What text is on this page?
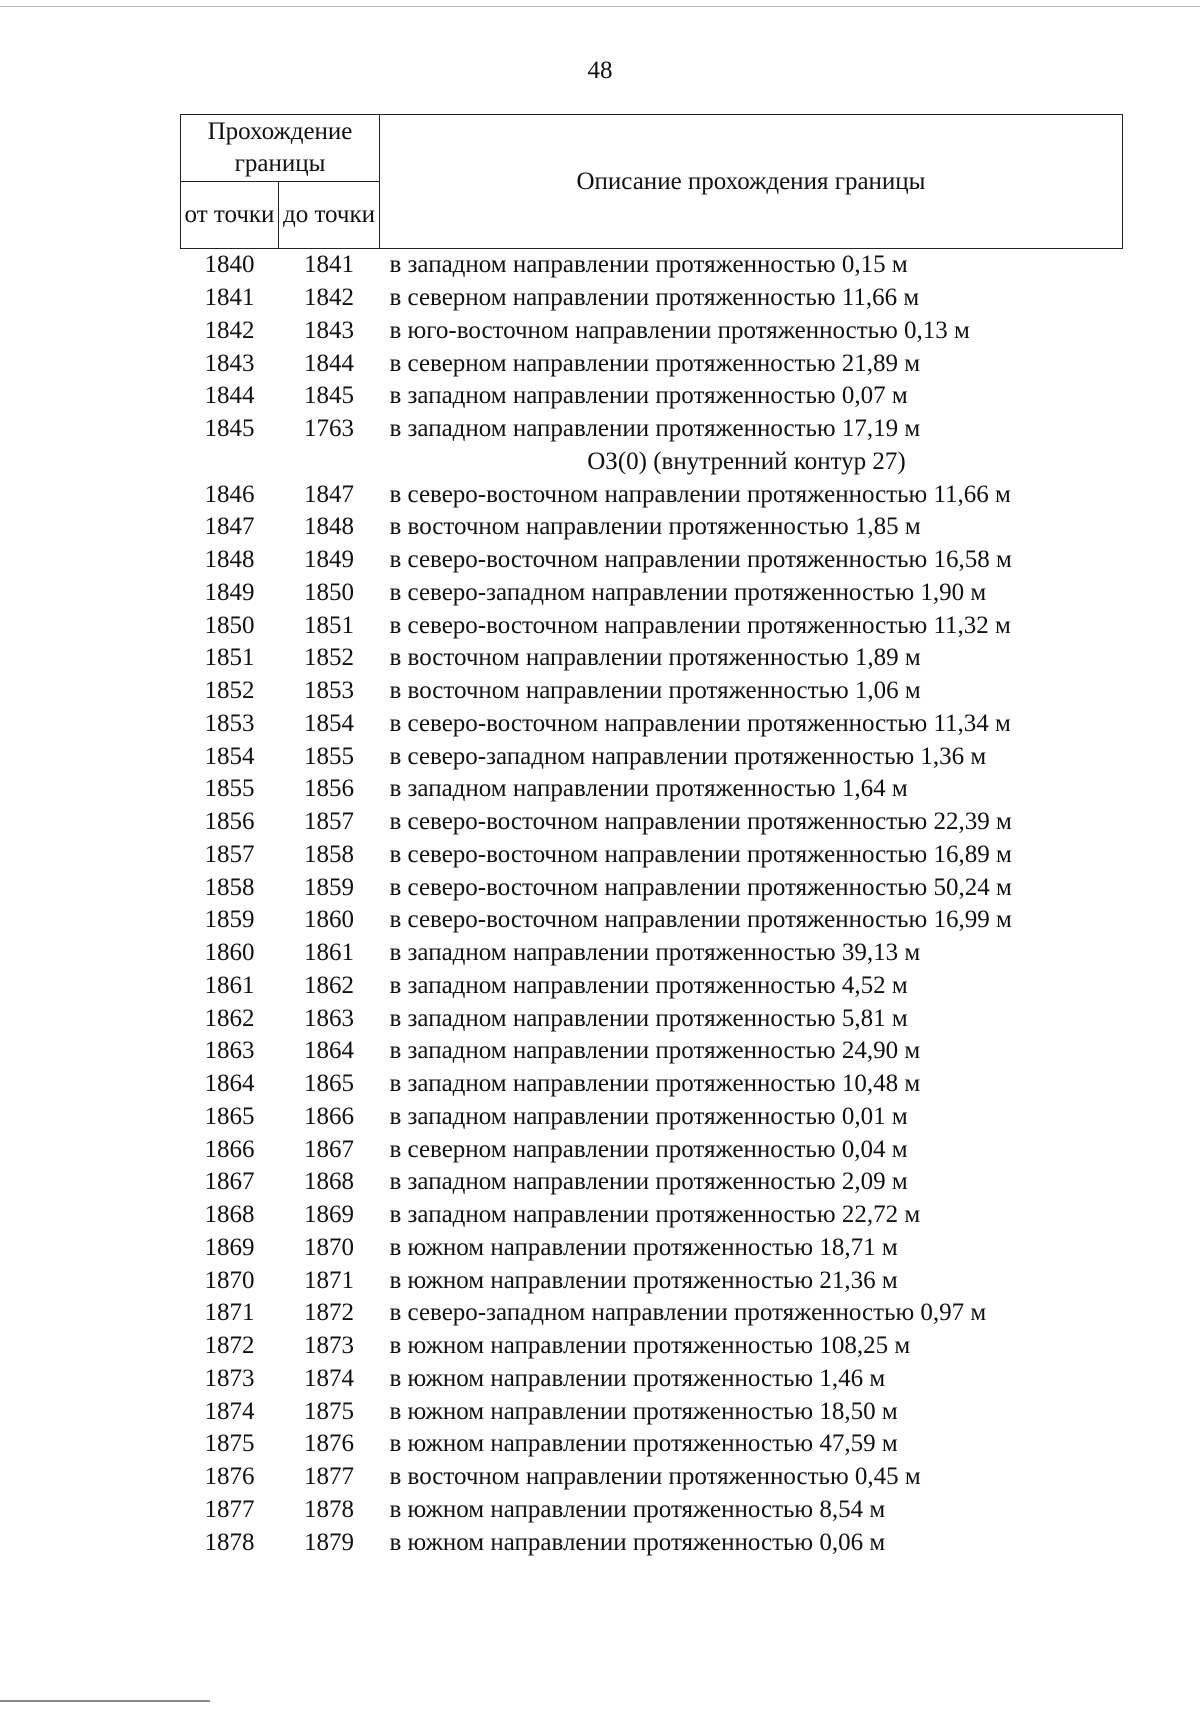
48
Прохождение границы		Описание прохождения границы
от точки	до точки	
1840	1841	в западном направлении протяженностью 0,15 м
1841	1842	в северном направлении протяженностью 11,66 м
1842	1843	в юго-восточном направлении протяженностью 0,13 м
1843	1844	в северном направлении протяженностью 21,89 м
1844	1845	в западном направлении протяженностью 0,07 м
1845	1763	в западном направлении протяженностью 17,19 м
ОЗ(0) (внутренний контур 27)		
1846	1847	в северо-восточном направлении протяженностью 11,66 м
1847	1848	в восточном направлении протяженностью 1,85 м
1848	1849	в северо-восточном направлении протяженностью 16,58 м
1849	1850	в северо-западном направлении протяженностью 1,90 м
1850	1851	в северо-восточном направлении протяженностью 11,32 м
1851	1852	в восточном направлении протяженностью 1,89 м
1852	1853	в восточном направлении протяженностью 1,06 м
1853	1854	в северо-восточном направлении протяженностью 11,34 м
1854	1855	в северо-западном направлении протяженностью 1,36 м
1855	1856	в западном направлении протяженностью 1,64 м
1856	1857	в северо-восточном направлении протяженностью 22,39 м
1857	1858	в северо-восточном направлении протяженностью 16,89 м
1858	1859	в северо-восточном направлении протяженностью 50,24 м
1859	1860	в северо-восточном направлении протяженностью 16,99 м
1860	1861	в западном направлении протяженностью 39,13 м
1861	1862	в западном направлении протяженностью 4,52 м
1862	1863	в западном направлении протяженностью 5,81 м
1863	1864	в западном направлении протяженностью 24,90 м
1864	1865	в западном направлении протяженностью 10,48 м
1865	1866	в западном направлении протяженностью 0,01 м
1866	1867	в северном направлении протяженностью 0,04 м
1867	1868	в западном направлении протяженностью 2,09 м
1868	1869	в западном направлении протяженностью 22,72 м
1869	1870	в южном направлении протяженностью 18,71 м
1870	1871	в южном направлении протяженностью 21,36 м
1871	1872	в северо-западном направлении протяженностью 0,97 м
1872	1873	в южном направлении протяженностью 108,25 м
1873	1874	в южном направлении протяженностью 1,46 м
1874	1875	в южном направлении протяженностью 18,50 м
1875	1876	в южном направлении протяженностью 47,59 м
1876	1877	в восточном направлении протяженностью 0,45 м
1877	1878	в южном направлении протяженностью 8,54 м
1878	1879	в южном направлении протяженностью 0,06 м
